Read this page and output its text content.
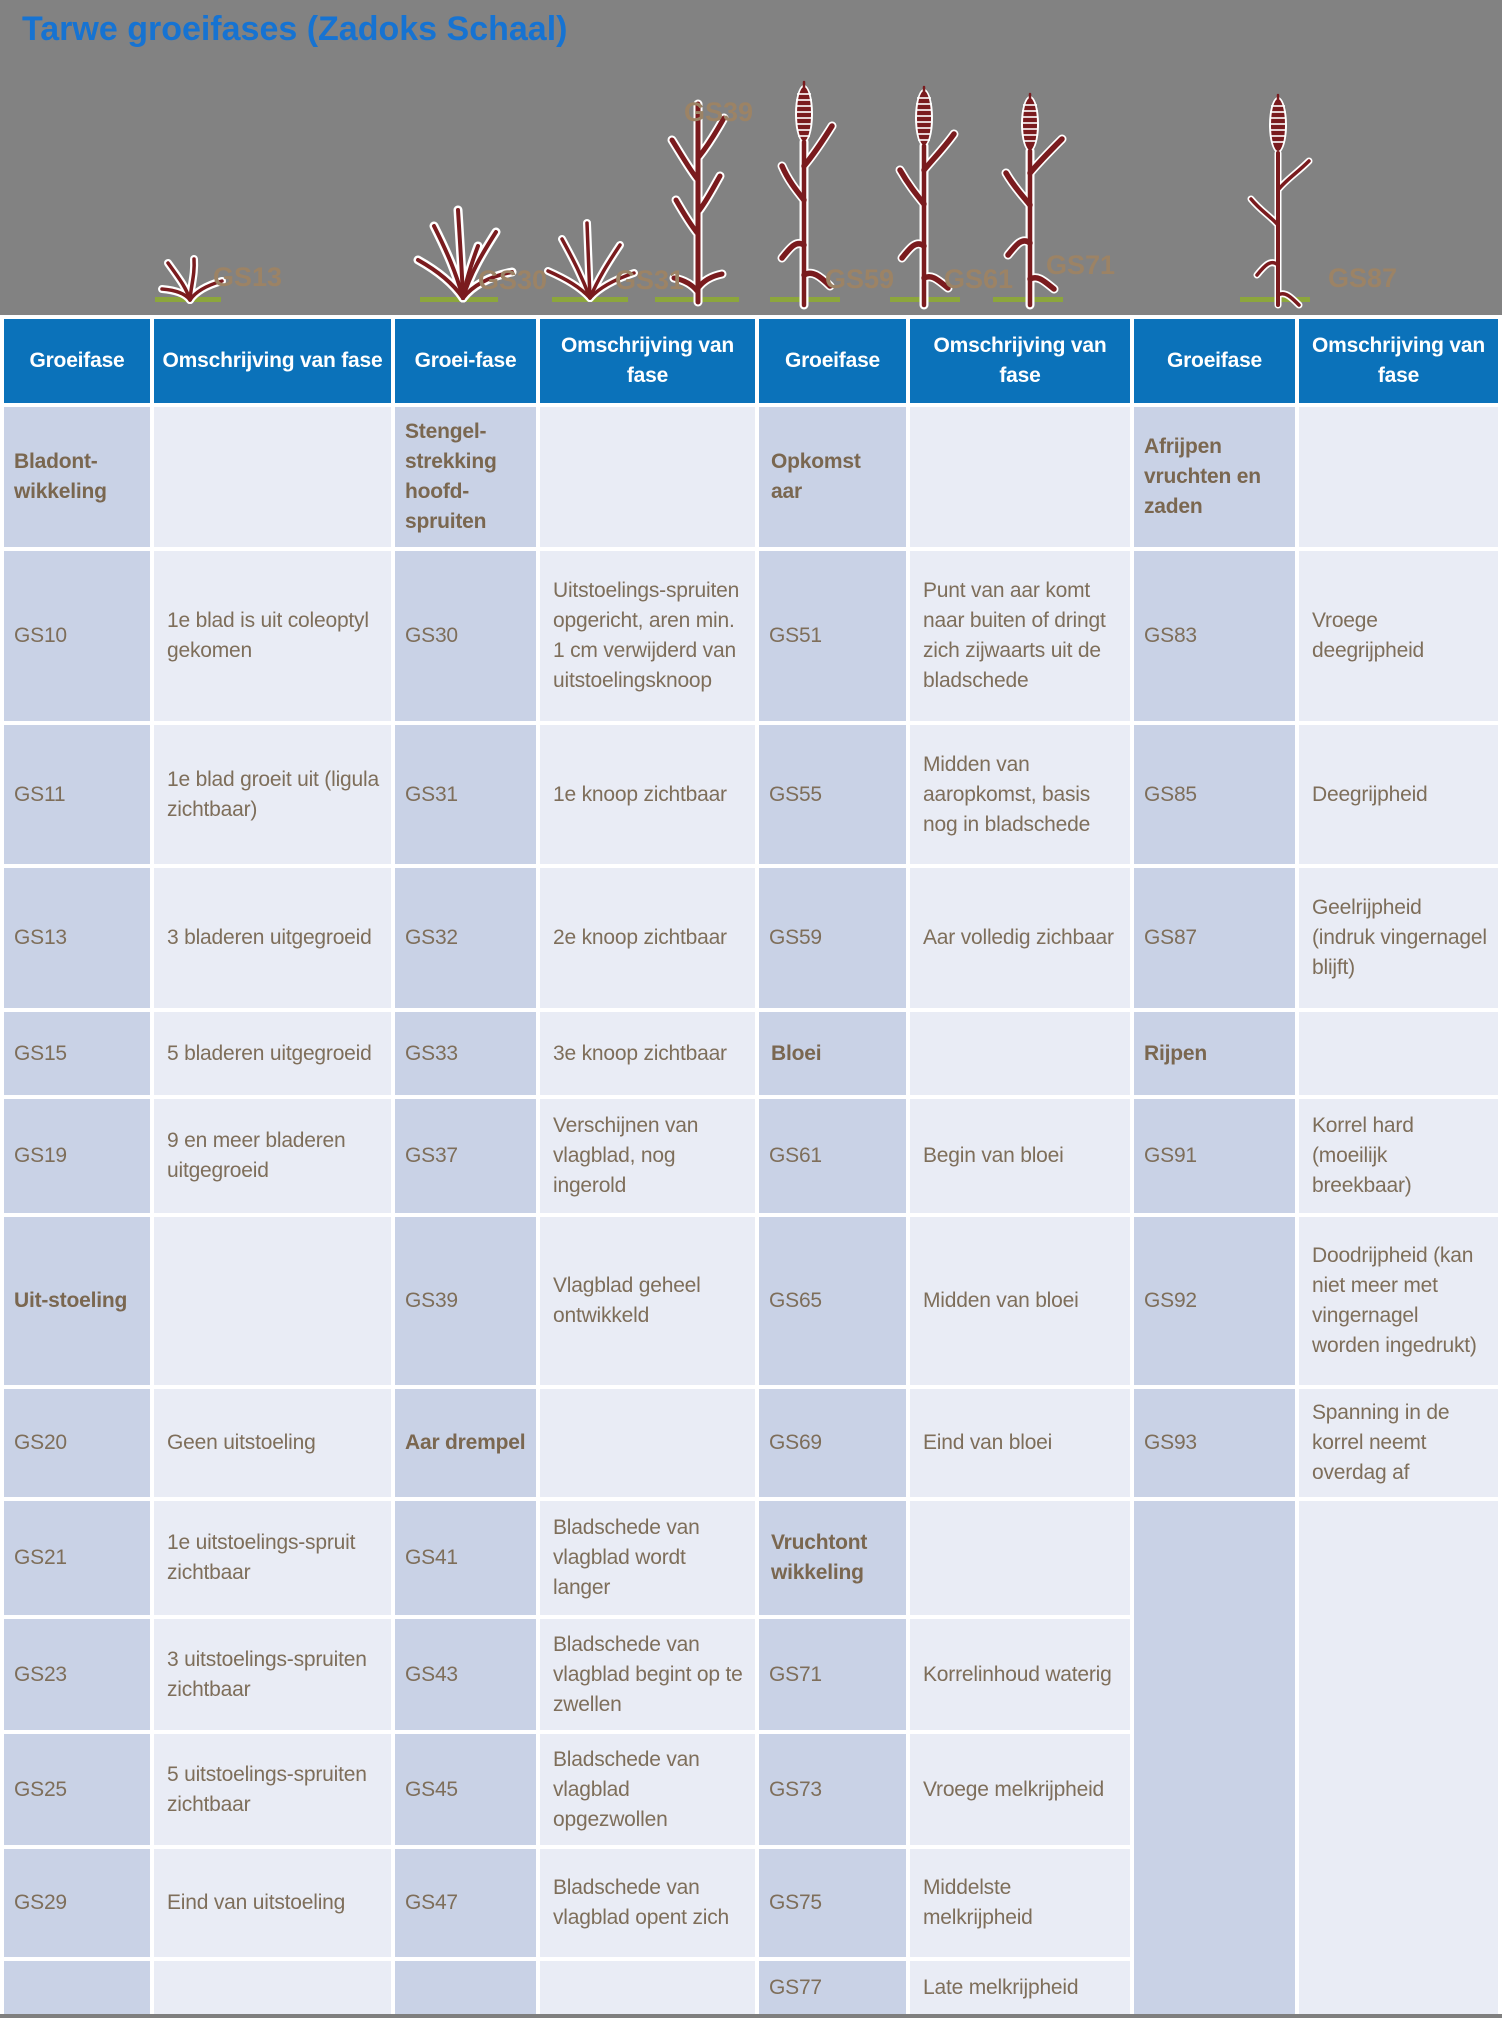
Tarwe groeifases (Zadoks Schaal)
GS13	GS30	GS31
GS39
GS59 GS61 GS71	GS87
Groeifase	Omschrijving van fase	Groei-fase	Omschrijving van fase	Groeifase	Omschrijving van fase	Groeifase	Omschrijving van fase
Bladont-wikkeling		Stengel-strekking hoofd-spruiten		Opkomst aar		Afrijpen vruchten en zaden	
GS10	1e blad is uit coleoptyl gekomen	GS30	Uitstoelings-spruiten opgericht, aren min. 1 cm verwijderd van uitstoelingsknoop	GS51	Punt van aar komt naar buiten of dringt zich zijwaarts uit de bladschede	GS83	Vroege deegrijpheid
GS11	1e blad groeit uit (ligula zichtbaar)	GS31	1e knoop zichtbaar	GS55	Midden van aaropkomst, basis nog in bladschede	GS85	Deegrijpheid
GS13	3 bladeren uitgegroeid	GS32	2e knoop zichtbaar	GS59	Aar volledig zichbaar	GS87	Geelrijpheid (indruk vingernagel blijft)
GS15	5 bladeren uitgegroeid	GS33	3e knoop zichtbaar	Bloei		Rijpen	
GS19	9 en meer bladeren uitgegroeid	GS37	Verschijnen van vlagblad, nog ingerold	GS61	Begin van bloei	GS91	Korrel hard (moeilijk breekbaar)
Uit-stoeling		GS39	Vlagblad geheel ontwikkeld	GS65	Midden van bloei	GS92	Doodrijpheid (kan niet meer met vingernagel worden ingedrukt)
GS20	Geen uitstoeling	Aar drempel		GS69	Eind van bloei	GS93	Spanning in de korrel neemt overdag af
GS21	1e uitstoelings-spruit zichtbaar	GS41	Bladschede van vlagblad wordt langer	Vruchtont wikkeling			
GS23	3 uitstoelings-spruiten zichtbaar	GS43	Bladschede van vlagblad begint op te zwellen	GS71	Korrelinhoud waterig		
GS25	5 uitstoelings-spruiten zichtbaar	GS45	Bladschede van vlagblad opgezwollen	GS73	Vroege melkrijpheid		
GS29	Eind van uitstoeling	GS47	Bladschede van vlagblad opent zich	GS75	Middelste melkrijpheid		
				GS77	Late melkrijpheid		
